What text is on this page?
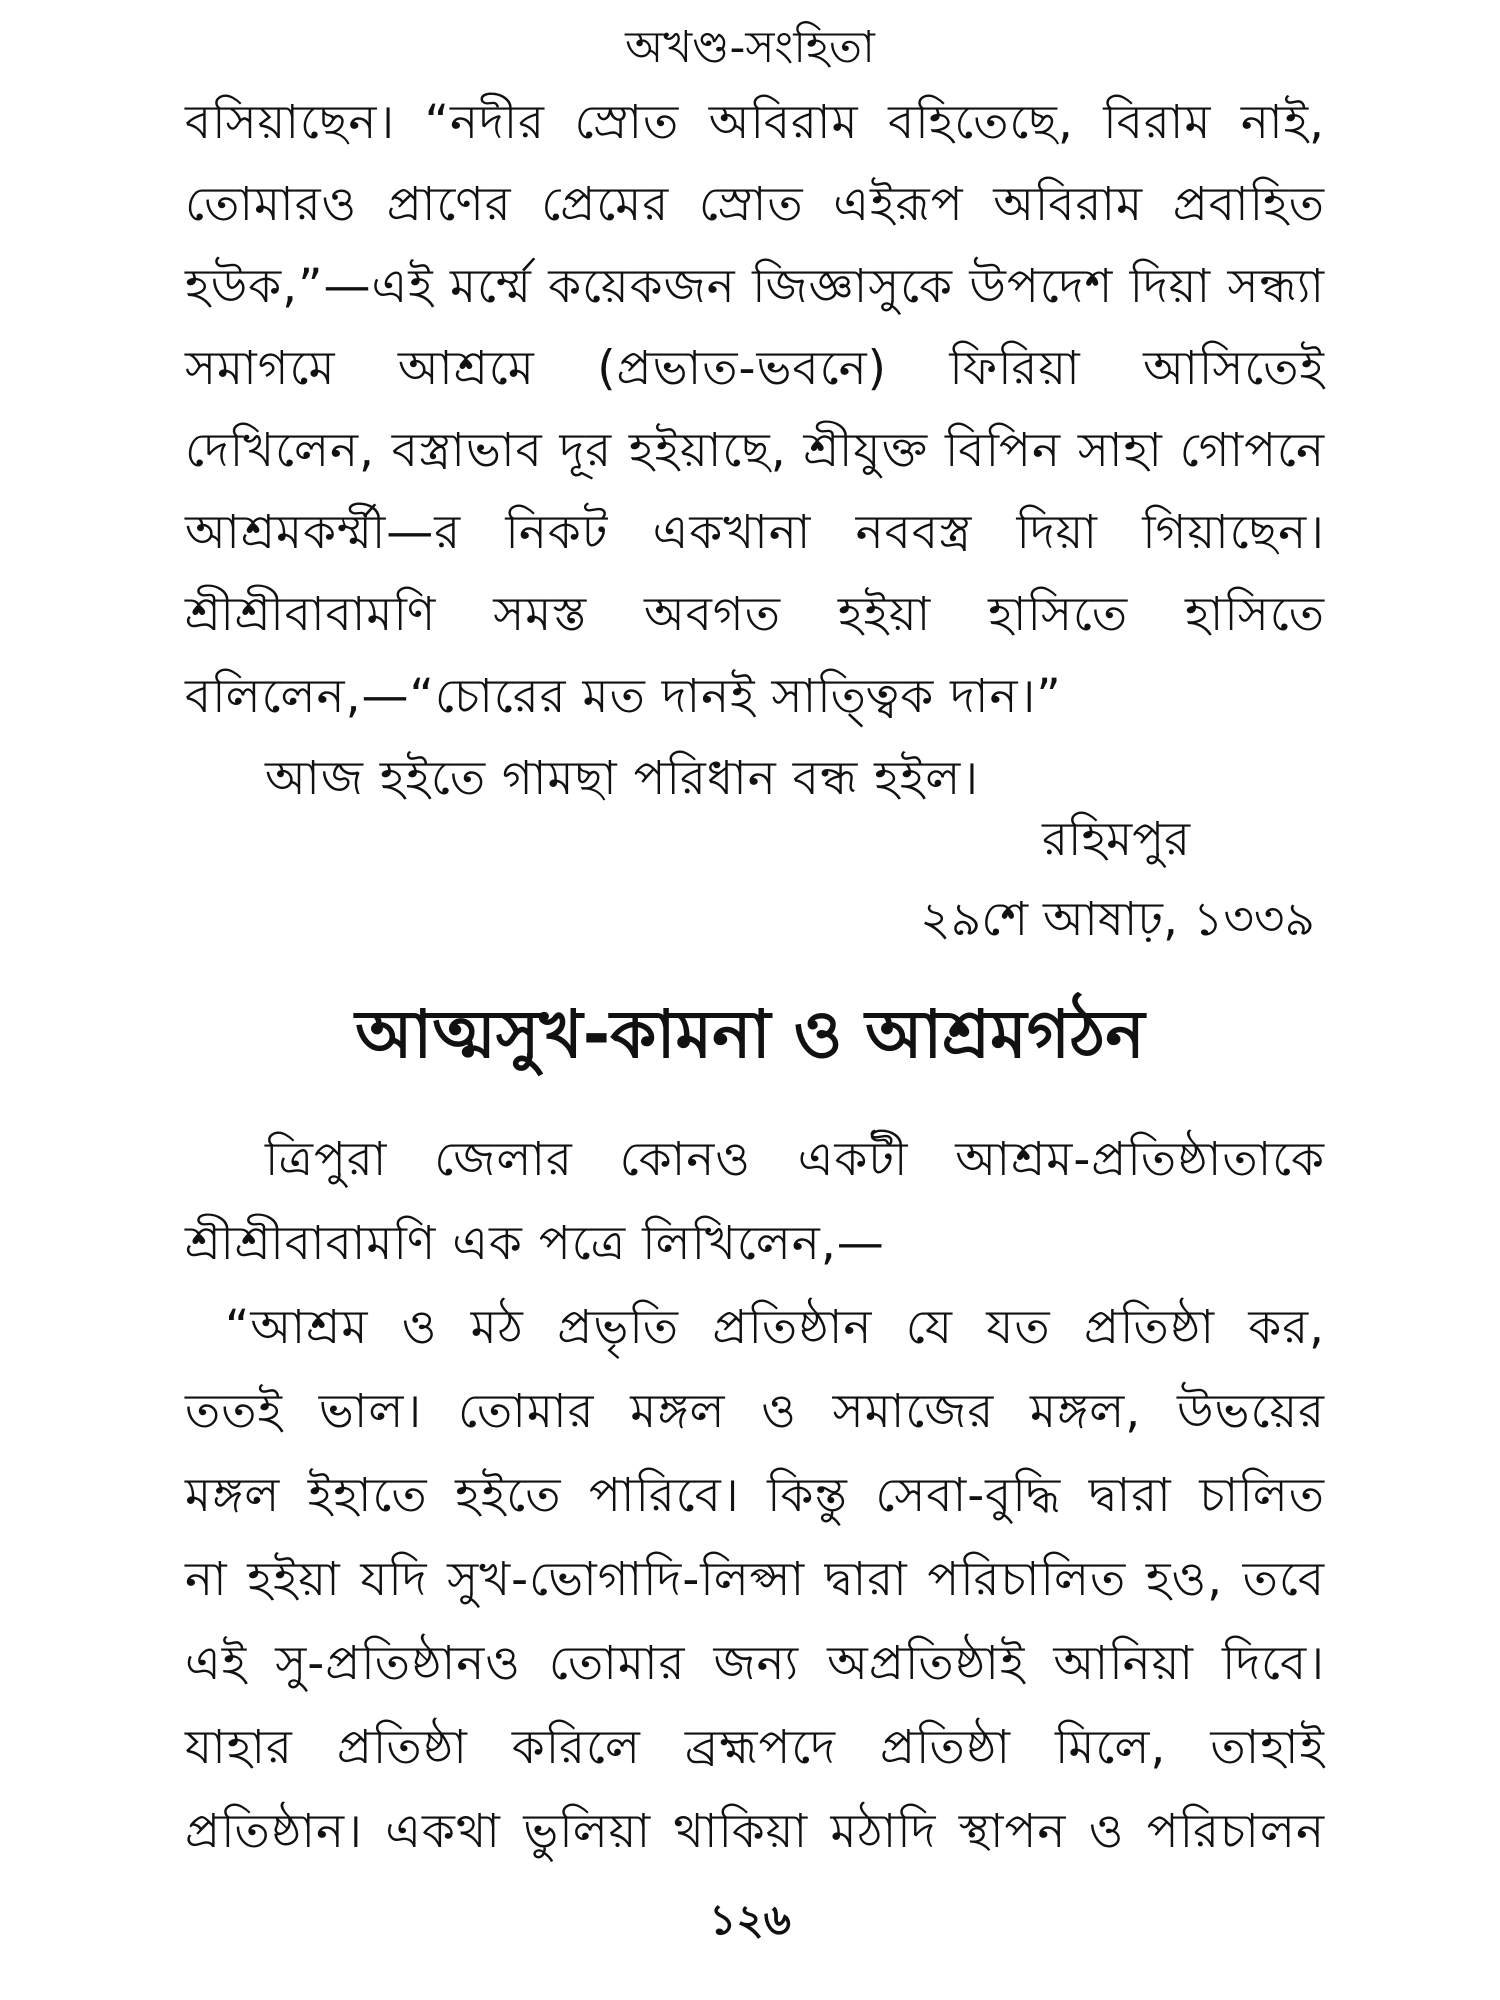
অখণ্ড-সংহিতা
বসিয়াছেন। “নদীর স্রোত অবিরাম বহিতেছে, বিরাম নাই,
তোমারও প্রাণের প্রেমের স্রোত এইরূপ অবিরাম প্রবাহিত
হউক,”—এই মর্ম্মে কয়েকজন জিজ্ঞাসুকে উপদেশ দিয়া সন্ধ্যা
সমাগমে আশ্রমে (প্রভাত-ভবনে) ফিরিয়া আসিতেই
দেখিলেন, বস্ত্রাভাব দূর হইয়াছে, শ্রীযুক্ত বিপিন সাহা গোপনে
আশ্রমকর্ম্মী—র নিকট একখানা নববস্ত্র দিয়া গিয়াছেন।
শ্রীশ্রীবাবামণি সমস্ত অবগত হইয়া হাসিতে হাসিতে
বলিলেন,—“চোরের মত দানই সাত্ত্বিক দান।”
আজ হইতে গামছা পরিধান বন্ধ হইল।
রহিমপুর
২৯শে আষাঢ়, ১৩৩৯
আত্মসুখ-কামনা ও আশ্রমগঠন
ত্রিপুরা জেলার কোনও একটী আশ্রম-প্রতিষ্ঠাতাকে
শ্রীশ্রীবাবামণি এক পত্রে লিখিলেন,—
“আশ্রম ও মঠ প্রভৃতি প্রতিষ্ঠান যে যত প্রতিষ্ঠা কর,
ততই ভাল। তোমার মঙ্গল ও সমাজের মঙ্গল, উভয়ের
মঙ্গল ইহাতে হইতে পারিবে। কিন্তু সেবা-বুদ্ধি দ্বারা চালিত
না হইয়া যদি সুখ-ভোগাদি-লিপ্সা দ্বারা পরিচালিত হও, তবে
এই সু-প্রতিষ্ঠানও তোমার জন্য অপ্রতিষ্ঠাই আনিয়া দিবে।
যাহার প্রতিষ্ঠা করিলে ব্রহ্মপদে প্রতিষ্ঠা মিলে, তাহাই
প্রতিষ্ঠান। একথা ভুলিয়া থাকিয়া মঠাদি স্থাপন ও পরিচালন
১২৬
